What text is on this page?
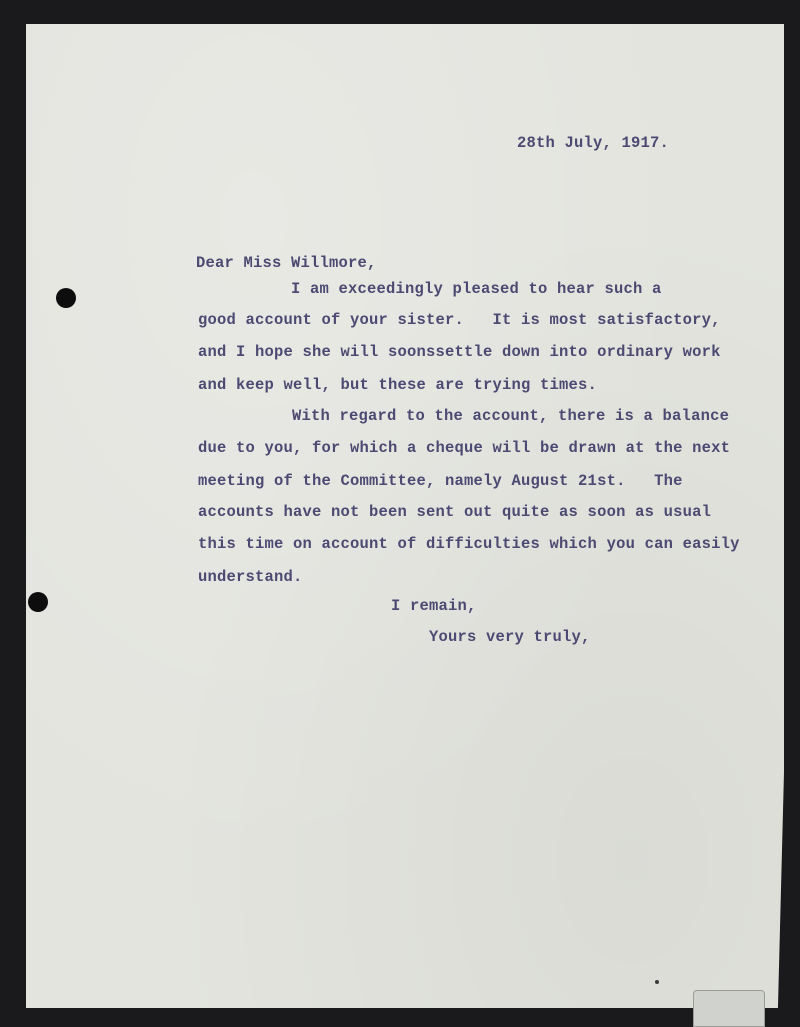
28th July, 1917.

Dear Miss Willmore,

I am exceedingly pleased to hear such a

good account of your sister.   It is most satisfactory,

and I hope she will soonssettle down into ordinary work

and keep well, but these are trying times.

With regard to the account, there is a balance

due to you, for which a cheque will be drawn at the next

meeting of the Committee, namely August 21st.   The

accounts have not been sent out quite as soon as usual

this time on account of difficulties which you can easily

understand.

I remain,

Yours very truly,
